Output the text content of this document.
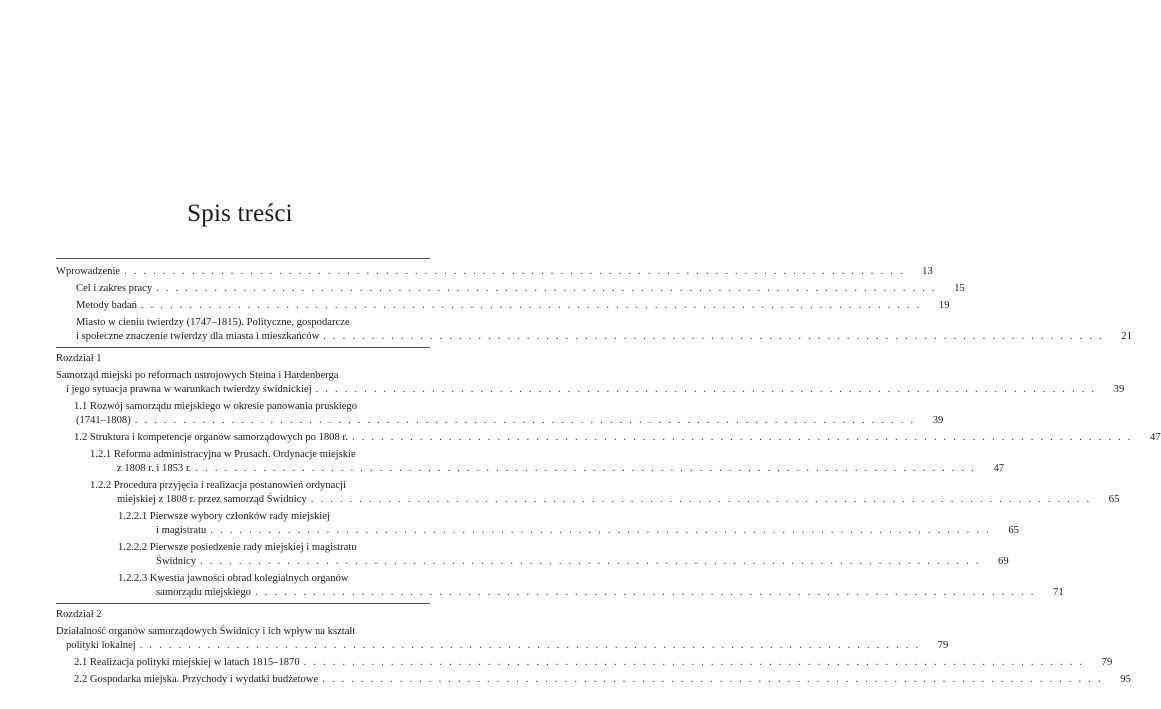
Spis treści
Wprowadzenie . . .	13
Cel i zakres pracy . . .	15
Metody badań . . .	19
Miasto w cieniu twierdzy (1747–1815). Polityczne, gospodarcze
i społeczne znaczenie twierdzy dla miasta i mieszkańców . . .	21
Rozdział 1
Samorząd miejski po reformach ustrojowych Steina i Hardenberga
i jego sytuacja prawna w warunkach twierdzy świdnickiej . . .	39
1.1 Rozwój samorządu miejskiego w okresie panowania pruskiego
(1741–1808) . . .	39
1.2 Struktura i kompetencje organów samorządowych po 1808 r. . . .	47
1.2.1 Reforma administracyjna w Prusach. Ordynacje miejskie
z 1808 r. i 1853 r. . . .	47
1.2.2 Procedura przyjęcia i realizacja postanowień ordynacji
miejskiej z 1808 r. przez samorząd Świdnicy . . .	65
1.2.2.1 Pierwsze wybory członków rady miejskiej
i magistratu . . .	65
1.2.2.2 Pierwsze posiedzenie rady miejskiej i magistratu
Świdnicy . . .	69
1.2.2.3 Kwestia jawności obrad kolegialnych organów
samorządu miejskiego . . .	71
Rozdział 2
Działalność organów samorządowych Świdnicy i ich wpływ na kształt
polityki lokalnej . . .	79
2.1 Realizacja polityki miejskiej w latach 1815–1870 . . .	79
2.2 Gospodarka miejska. Przychody i wydatki budżetowe . . .	95
